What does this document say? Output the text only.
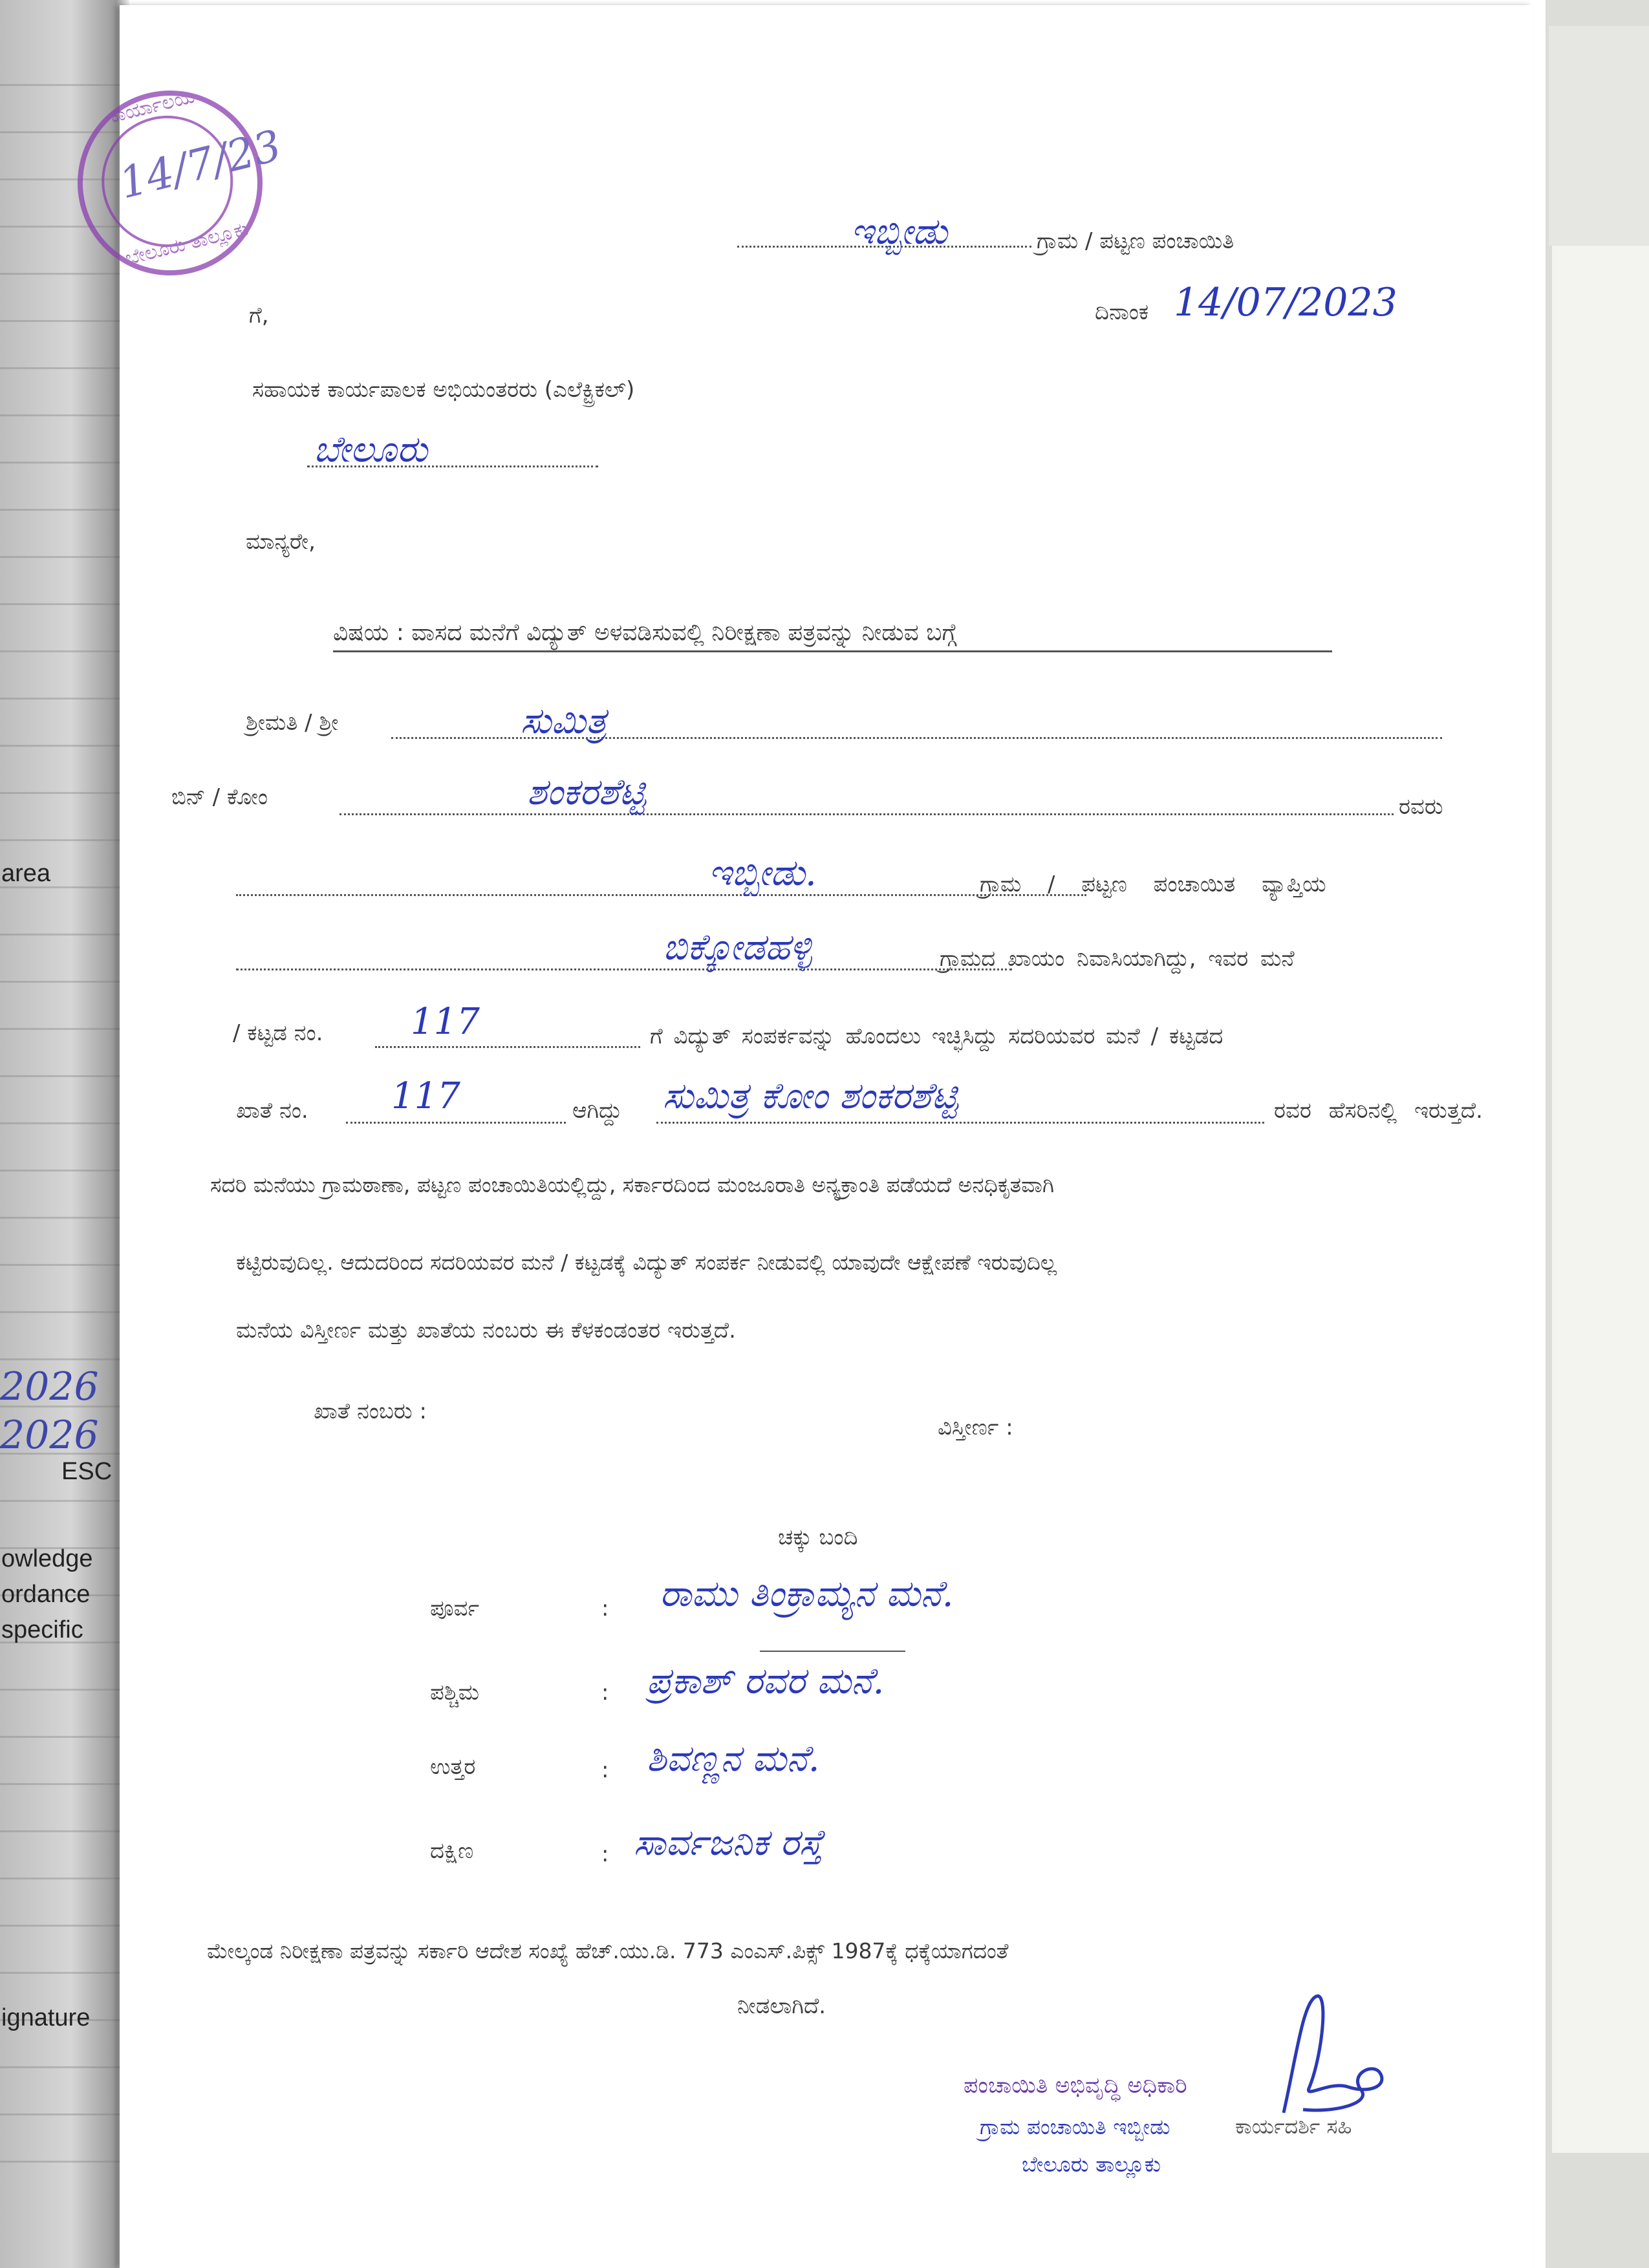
area
2026
2026
ESC
owledge
ordance
specific
ignature
ಇಬ್ಬೀಡು	ಗ್ರಾಮ / ಪಟ್ಟಣ ಪಂಚಾಯಿತಿ
ದಿನಾಂಕ 14/07/2023
ಗೆ,
ಸಹಾಯಕ ಕಾರ್ಯಪಾಲಕ ಅಭಿಯಂತರರು (ಎಲೆಕ್ಟ್ರಿಕಲ್)
ಬೇಲೂರು
ಮಾನ್ಯರೇ,
ವಿಷಯ : ವಾಸದ ಮನೆಗೆ ವಿದ್ಯುತ್ ಅಳವಡಿಸುವಲ್ಲಿ ನಿರೀಕ್ಷಣಾ ಪತ್ರವನ್ನು ನೀಡುವ ಬಗ್ಗೆ
ಶ್ರೀಮತಿ / ಶ್ರೀ	ಸುಮಿತ್ರ
ಬಿನ್ / ಕೋಂ	ಶಂಕರಶೆಟ್ಟಿ	ರವರು
ಇಬ್ಬೀಡು.	ಗ್ರಾಮ / ಪಟ್ಟಣ ಪಂಚಾಯಿತ ವ್ಯಾಪ್ತಿಯ
ಬಿಕ್ಕೋಡಹಳ್ಳಿ	ಗ್ರಾಮದ ಖಾಯಂ ನಿವಾಸಿಯಾಗಿದ್ದು, ಇವರ ಮನೆ
/ ಕಟ್ಟಡ ನಂ. 117	ಗೆ ವಿದ್ಯುತ್ ಸಂಪರ್ಕವನ್ನು ಹೊಂದಲು ಇಚ್ಛಿಸಿದ್ದು ಸದರಿಯವರ ಮನೆ / ಕಟ್ಟಡದ
ಖಾತೆ ನಂ. 117	ಆಗಿದ್ದು ಸುಮಿತ್ರ ಕೋಂ ಶಂಕರಶೆಟ್ಟಿ	ರವರ ಹೆಸರಿನಲ್ಲಿ ಇರುತ್ತದೆ.
ಸದರಿ ಮನೆಯು ಗ್ರಾಮಠಾಣಾ, ಪಟ್ಟಣ ಪಂಚಾಯಿತಿಯಲ್ಲಿದ್ದು, ಸರ್ಕಾರದಿಂದ ಮಂಜೂರಾತಿ ಅನ್ಯಕ್ರಾಂತಿ ಪಡೆಯದೆ ಅನಧಿಕೃತವಾಗಿ
ಕಟ್ಟಿರುವುದಿಲ್ಲ. ಆದುದರಿಂದ ಸದರಿಯವರ ಮನೆ / ಕಟ್ಟಡಕ್ಕೆ ವಿದ್ಯುತ್ ಸಂಪರ್ಕ ನೀಡುವಲ್ಲಿ ಯಾವುದೇ ಆಕ್ಷೇಪಣೆ ಇರುವುದಿಲ್ಲ
ಮನೆಯ ವಿಸ್ತೀರ್ಣ ಮತ್ತು ಖಾತೆಯ ನಂಬರು ಈ ಕೆಳಕಂಡಂತರ ಇರುತ್ತದೆ.
ಖಾತೆ ನಂಬರು :
ವಿಸ್ತೀರ್ಣ :
ಚಕ್ಕು ಬಂದಿ
ಪೂರ್ವ	: ರಾಮು ತಿಂಕ್ರಾಮ್ಯನ ಮನೆ.
ಪಶ್ಚಿಮ	: ಪ್ರಕಾಶ್ ರವರ ಮನೆ.
ಉತ್ತರ	: ಶಿವಣ್ಣನ ಮನೆ.
ದಕ್ಷಿಣ	: ಸಾರ್ವಜನಿಕ ರಸ್ತೆ
ಮೇಲ್ಕಂಡ ನಿರೀಕ್ಷಣಾ ಪತ್ರವನ್ನು ಸರ್ಕಾರಿ ಆದೇಶ ಸಂಖ್ಯೆ ಹೆಚ್.ಯು.ಡಿ. 773 ಎಂಎಸ್.ಪಿಕ್ಸ್ 1987ಕ್ಕೆ ಧಕ್ಕೆಯಾಗದಂತೆ
ನೀಡಲಾಗಿದೆ.
ಪಂಚಾಯಿತಿ ಅಭಿವೃದ್ಧಿ ಅಧಿಕಾರಿ
ಗ್ರಾಮ ಪಂಚಾಯಿತಿ ಇಬ್ಬೀಡು	ಕಾರ್ಯದರ್ಶಿ ಸಹಿ
ಬೇಲೂರು ತಾಲ್ಲೂಕು
ಕಾರ್ಯಾಲಯ
14/7/23
ಬೇಲೂರು ತಾಲ್ಲೂಕು
